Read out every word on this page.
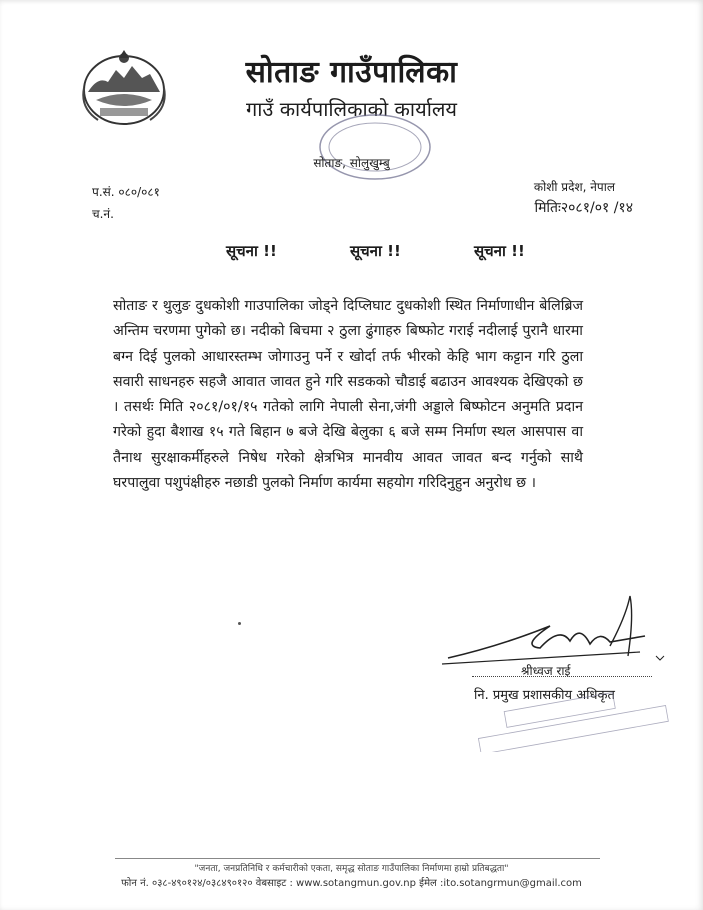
सोताङ गाउँपालिका
गाउँ कार्यपालिकाको कार्यालय
सोताङ, सोलुखुम्बु
प.सं. ०८०/०८१
च.नं.
कोशी प्रदेश, नेपाल
मितिः२०८१/०१ /१४
सूचना !!	सूचना !!	सूचना !!
सोताङ र थुलुङ दुधकोशी गाउपालिका जोड्ने दिप्लिघाट दुधकोशी स्थित निर्माणाधीन बेलिब्रिज अन्तिम चरणमा पुगेको छ। नदीको बिचमा २ ठुला ढुंगाहरु बिष्फोट गराई नदीलाई पुरानै धारमा बग्न दिई पुलको आधारस्तम्भ जोगाउनु पर्ने र खोर्दा तर्फ भीरको केहि भाग कट्टान गरि ठुला सवारी साधनहरु सहजै आवात जावत हुने गरि सडकको चौडाई बढाउन आवश्यक देखिएको छ । तसर्थः मिति २०८१/०१/१५ गतेको लागि नेपाली सेना,जंगी अड्डाले बिष्फोटन अनुमति प्रदान गरेको हुदा बैशाख १५ गते बिहान ७ बजे देखि बेलुका ६ बजे सम्म निर्माण स्थल आसपास वा तैनाथ सुरक्षाकर्मीहरुले निषेध गरेको क्षेत्रभित्र मानवीय आवत जावत बन्द गर्नुको साथै घरपालुवा पशुपंक्षीहरु नछाडी पुलको निर्माण कार्यमा सहयोग गरिदिनुहुन अनुरोध छ ।
श्रीध्वज राई
नि. प्रमुख प्रशासकीय अधिकृत
"जनता, जनप्रतिनिधि र कर्मचारीको एकता, समृद्ध सोताङ गाउँपालिका निर्माणमा हाम्रो प्रतिबद्धता"
फोन नं. ०३८-४९०१२४/०३८४९०१२० वेबसाइट : www.sotangmun.gov.np ईमेल :ito.sotangrmun@gmail.com
